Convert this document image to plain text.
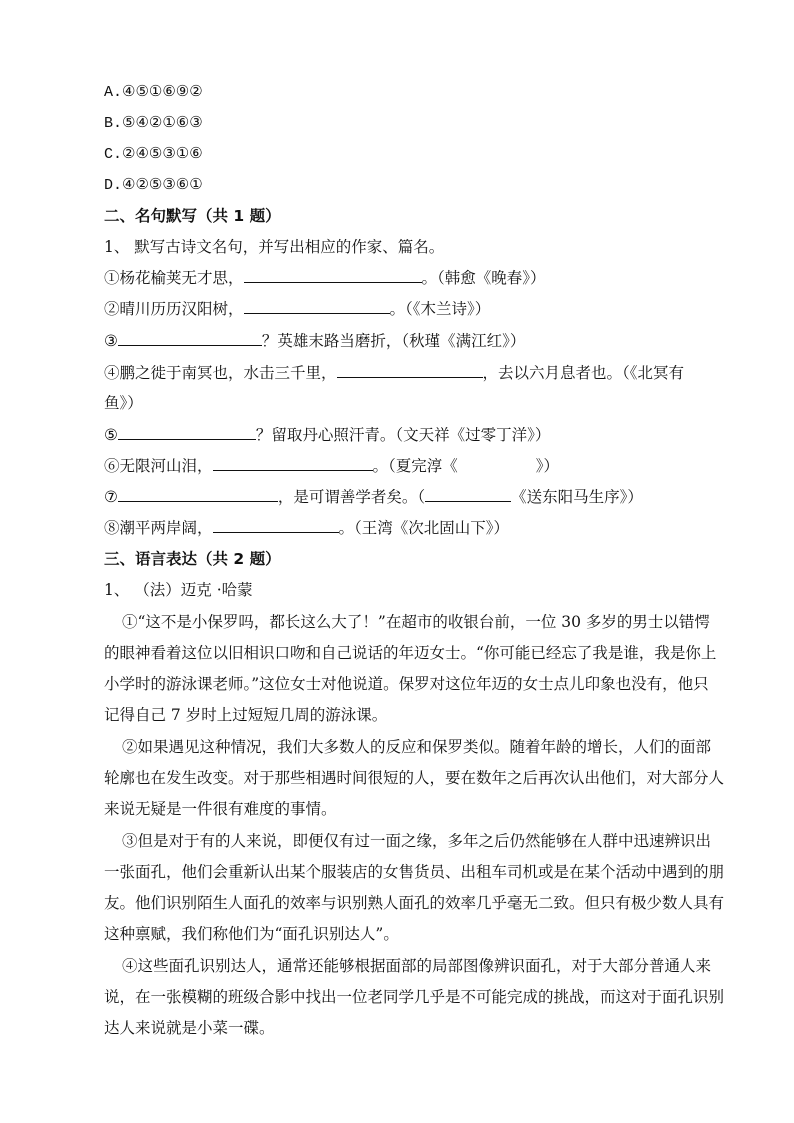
A.④⑤①⑥⑨②
B.⑤④②①⑥③
C.②④⑤③①⑥
D.④②⑤③⑥①
二、名句默写（共 1 题）
1、 默写古诗文名句，并写出相应的作家、篇名。
①杨花榆荚无才思，	。（韩愈《晚春》）
②晴川历历汉阳树，	。（《木兰诗》）
③	？英雄末路当磨折，（秋瑾《满江红》）
④鹏之徙于南冥也，水击三千里，	，去以六月息者也。（《北冥有
鱼》）
⑤	？留取丹心照汗青。（文天祥《过零丁洋》）
⑥无限河山泪，	。（夏完淳《	》）
⑦	，是可谓善学者矣。（	《送东阳马生序》）
⑧潮平两岸阔，	。（王湾《次北固山下》）
三、语言表达（共 2 题）
1、 （法）迈克 ·哈蒙
①“这不是小保罗吗，都长这么大了！”在超市的收银台前，一位 30 多岁的男士以错愕
的眼神看着这位以旧相识口吻和自己说话的年迈女士。“你可能已经忘了我是谁，我是你上
小学时的游泳课老师。”这位女士对他说道。保罗对这位年迈的女士点儿印象也没有，他只
记得自己 7 岁时上过短短几周的游泳课。
②如果遇见这种情况，我们大多数人的反应和保罗类似。随着年龄的增长，人们的面部
轮廓也在发生改变。对于那些相遇时间很短的人，要在数年之后再次认出他们，对大部分人
来说无疑是一件很有难度的事情。
③但是对于有的人来说，即便仅有过一面之缘，多年之后仍然能够在人群中迅速辨识出
一张面孔，他们会重新认出某个服装店的女售货员、出租车司机或是在某个活动中遇到的朋
友。他们识别陌生人面孔的效率与识别熟人面孔的效率几乎毫无二致。但只有极少数人具有
这种禀赋，我们称他们为“面孔识别达人”。
④这些面孔识别达人，通常还能够根据面部的局部图像辨识面孔，对于大部分普通人来
说，在一张模糊的班级合影中找出一位老同学几乎是不可能完成的挑战，而这对于面孔识别
达人来说就是小菜一碟。
